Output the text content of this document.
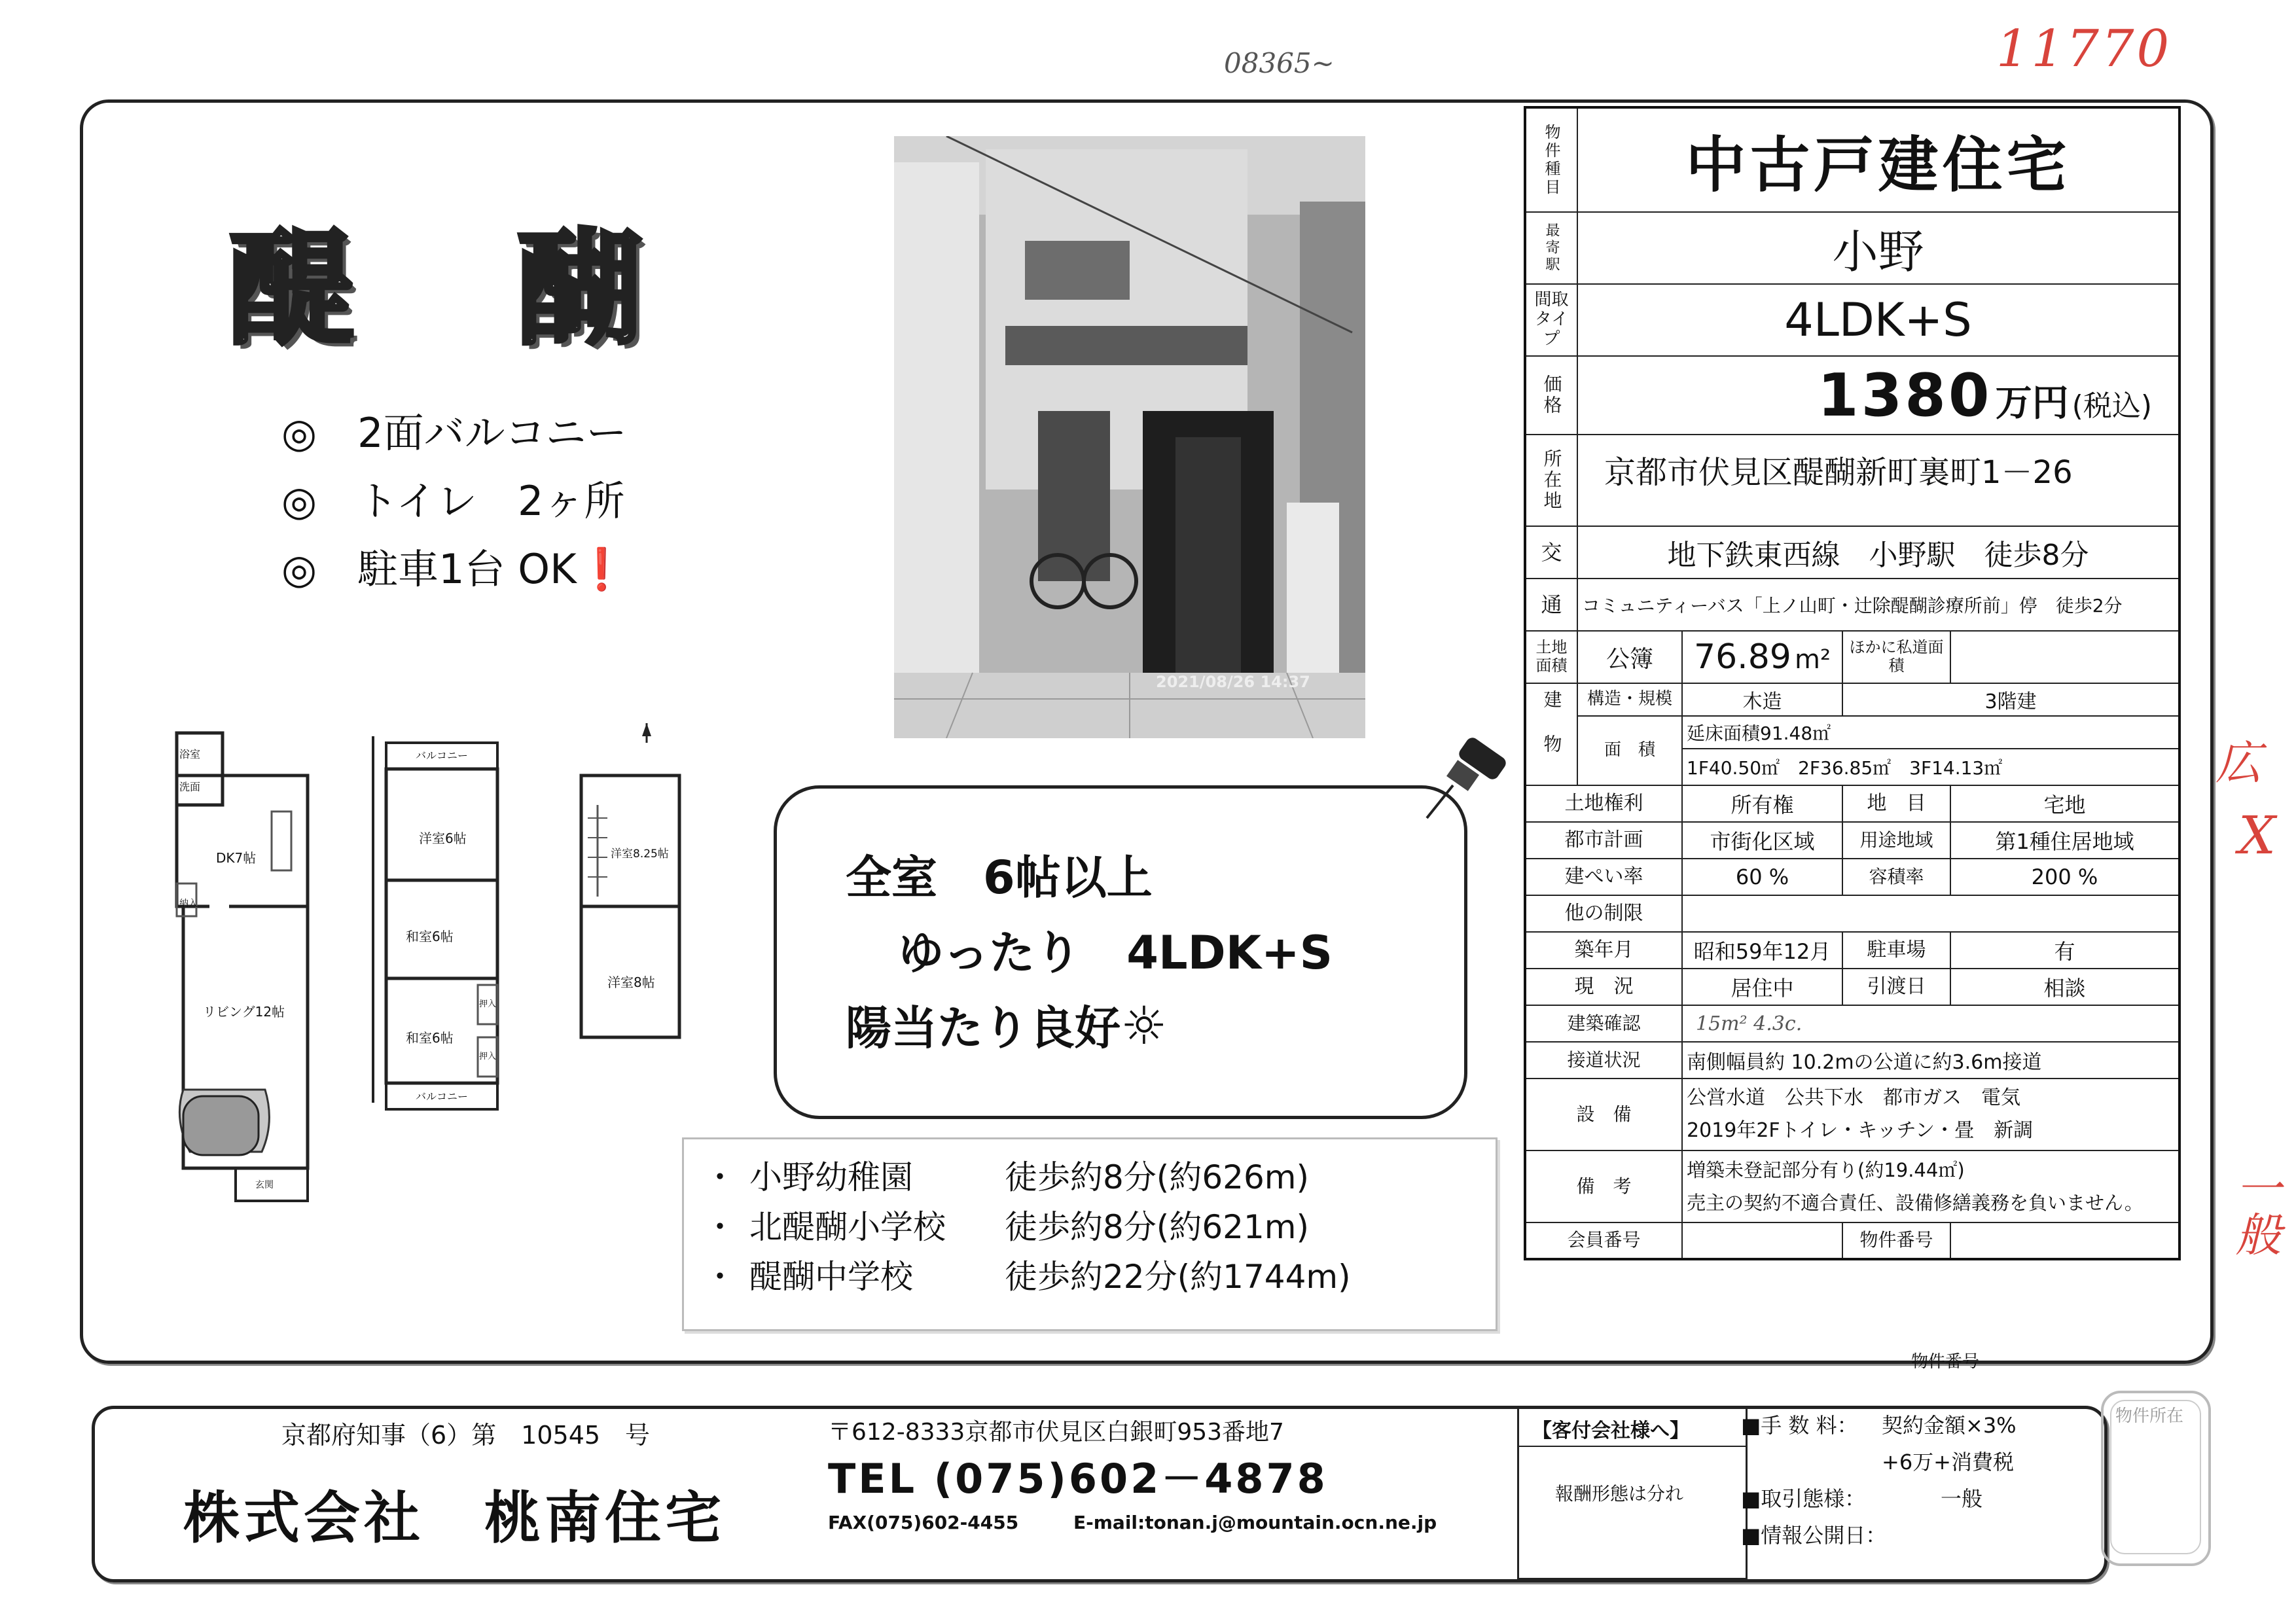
11770
08365~
広
X
一般
醍　醐
◎　 2面バルコニー
◎　 トイレ　2ヶ所
◎　 駐車1台 OK❗
2021/08/26 14:37
全室　6帖以上
ゆったり　4LDK+S
陽当たり良好☼
・ 小野幼稚園	徒歩約8分(約626m)
・ 北醍醐小学校 徒歩約8分(約621m)
・ 醍醐中学校	徒歩約22分(約1744m)
浴室
洗面
DK7帖
納入
リビング12帖
玄関
バルコニー
洋室6帖
和室6帖
押入
和室6帖
押入
バルコニー
洋室8.25帖
洋室8帖
物件種目	中古戸建住宅			

最寄駅	小野			
間取タイプ	4LDK+S			

価格	1380 万円 (税込)			

所在地	京都市伏見区醍醐新町裏町1－26			
交	地下鉄東西線　小野駅　徒歩8分			
通	コミュニティーバス「上ノ山町・辻除醍醐診療所前」停　徒歩2分			
土地面積	公簿	76.89 m²	ほかに私道面積	

建物	構造・規模	木造	3階建	
	面　積	延床面積91.48㎡		
		1F40.50㎡　2F36.85㎡　3F14.13㎡		
土地権利		所有権	地　目	宅地
都市計画		市街化区域	用途地域	第1種住居地域
建ぺい率		60 %	容積率	200 %
他の制限				
築年月		昭和59年12月	駐車場	有
現　況		居住中	引渡日	相談
建築確認		15m² 4.3c.		
接道状況		南側幅員約 10.2mの公道に約3.6m接道		
設　備		公営水道　公共下水　都市ガス　電気
2019年2Fトイレ・キッチン・畳　新調		

備　考		増築未登記部分有り(約19.44㎡)
売主の契約不適合責任、設備修繕義務を負いません。		

会員番号			物件番号	
物件番号
京都府知事（6）第　10545　号
株式会社　桃南住宅
〒612-8333京都市伏見区白銀町953番地7
TEL (075)602－4878
FAX(075)602-4455	E-mail:tonan.j@mountain.ocn.ne.jp
【客付会社様へ】
報酬形態は分れ
■手 数 料： 契約金額×3%
+6万+消費税
■取引態様：	一般
■情報公開日：
物件所在
